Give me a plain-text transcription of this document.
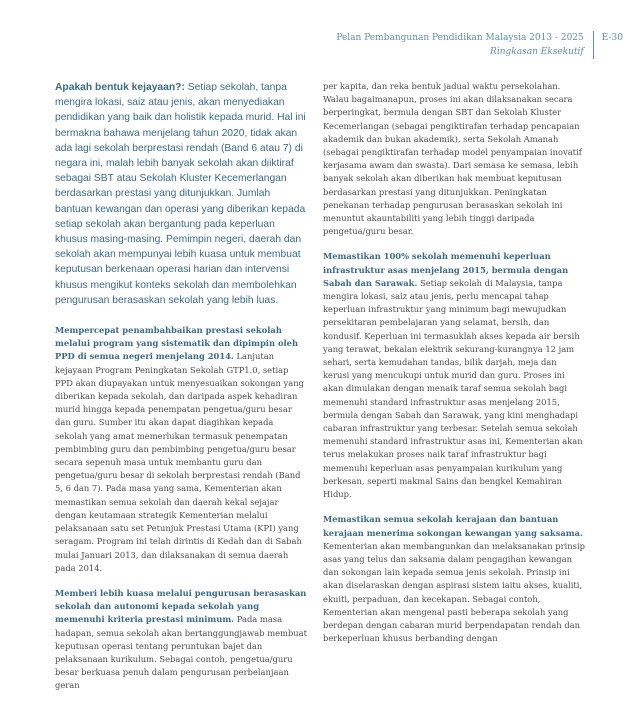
Pelan Pembangunan Pendidikan Malaysia 2013 - 2025
Ringkasan Eksekutif
E-30

Apakah bentuk kejayaan?: Setiap sekolah, tanpa mengira lokasi, saiz atau jenis, akan menyediakan pendidikan yang baik dan holistik kepada murid. Hal ini bermakna bahawa menjelang tahun 2020, tidak akan ada lagi sekolah berprestasi rendah (Band 6 atau 7) di negara ini, malah lebih banyak sekolah akan diiktiraf sebagai SBT atau Sekolah Kluster Kecemerlangan berdasarkan prestasi yang ditunjukkan. Jumlah bantuan kewangan dan operasi yang diberikan kepada setiap sekolah akan bergantung pada keperluan khusus masing-masing. Pemimpin negeri, daerah dan sekolah akan mempunyai lebih kuasa untuk membuat keputusan berkenaan operasi harian dan intervensi khusus mengikut konteks sekolah dan membolehkan pengurusan berasaskan sekolah yang lebih luas.

Mempercepat penambahbaikan prestasi sekolah melalui program yang sistematik dan dipimpin oleh PPD di semua negeri menjelang 2014. Lanjutan kejayaan Program Peningkatan Sekolah GTP1.0, setiap PPD akan diupayakan untuk menyesuaikan sokongan yang diberikan kepada sekolah, dan daripada aspek kehadiran murid hingga kepada penempatan pengetua/guru besar dan guru. Sumber itu akan dapat diagihkan kepada sekolah yang amat memerlukan termasuk penempatan pembimbing guru dan pembimbing pengetua/guru besar secara sepenuh masa untuk membantu guru dan pengetua/guru besar di sekolah berprestasi rendah (Band 5, 6 dan 7). Pada masa yang sama, Kementerian akan memastikan semua sekolah dan daerah kekal sejajar dengan keutamaan strategik Kementerian melalui pelaksanaan satu set Petunjuk Prestasi Utama (KPI) yang seragam. Program ini telah dirintis di Kedah dan di Sabah mulai Januari 2013, dan dilaksanakan di semua daerah pada 2014.

Memberi lebih kuasa melalui pengurusan berasaskan sekolah dan autonomi kepada sekolah yang memenuhi kriteria prestasi minimum. Pada masa hadapan, semua sekolah akan bertanggungjawab membuat keputusan operasi tentang peruntukan bajet dan pelaksanaan kurikulum. Sebagai contoh, pengetua/guru besar berkuasa penuh dalam pengurusan perbelanjaan geran

per kapita, dan reka bentuk jadual waktu persekolahan. Walau bagaimanapun, proses ini akan dilaksanakan secara berperingkat, bermula dengan SBT dan Sekolah Kluster Kecemerlangan (sebagai pengiktirafan terhadap pencapaian akademik dan bukan akademik), serta Sekolah Amanah (sebagai pengiktirafan terhadap model penyampaian inovatif kerjasama awam dan swasta). Dari semasa ke semasa, lebih banyak sekolah akan diberikan hak membuat keputusan berdasarkan prestasi yang ditunjukkan. Peningkatan penekanan terhadap pengurusan berasaskan sekolah ini menuntut akauntabiliti yang lebih tinggi daripada pengetua/guru besar.

Memastikan 100% sekolah memenuhi keperluan infrastruktur asas menjelang 2015, bermula dengan Sabah dan Sarawak. Setiap sekolah di Malaysia, tanpa mengira lokasi, saiz atau jenis, perlu mencapai tahap keperluan infrastruktur yang minimum bagi mewujudkan persekitaran pembelajaran yang selamat, bersih, dan kondusif. Keperluan ini termasuklah akses kepada air bersih yang terawat, bekalan elektrik sekurang-kurangnya 12 jam sehari, serta kemudahan tandas, bilik darjah, meja dan kerusi yang mencukupi untuk murid dan guru. Proses ini akan dimulakan dengan menaik taraf semua sekolah bagi memenuhi standard infrastruktur asas menjelang 2015, bermula dengan Sabah dan Sarawak, yang kini menghadapi cabaran infrastruktur yang terbesar. Setelah semua sekolah memenuhi standard infrastruktur asas ini, Kementerian akan terus melakukan proses naik taraf infrastruktur bagi memenuhi keperluan asas penyampaian kurikulum yang berkesan, seperti makmal Sains dan bengkel Kemahiran Hidup.

Memastikan semua sekolah kerajaan dan bantuan kerajaan menerima sokongan kewangan yang saksama. Kementerian akan membangunkan dan melaksanakan prinsip asas yang telus dan saksama dalam pengagihan kewangan dan sokongan lain kepada semua jenis sekolah. Prinsip ini akan diselaraskan dengan aspirasi sistem iaitu akses, kualiti, ekuiti, perpaduan, dan kecekapan. Sebagai contoh, Kementerian akan mengenal pasti beberapa sekolah yang berdepan dengan cabaran murid berpendapatan rendah dan berkeperluan khusus berbanding dengan
